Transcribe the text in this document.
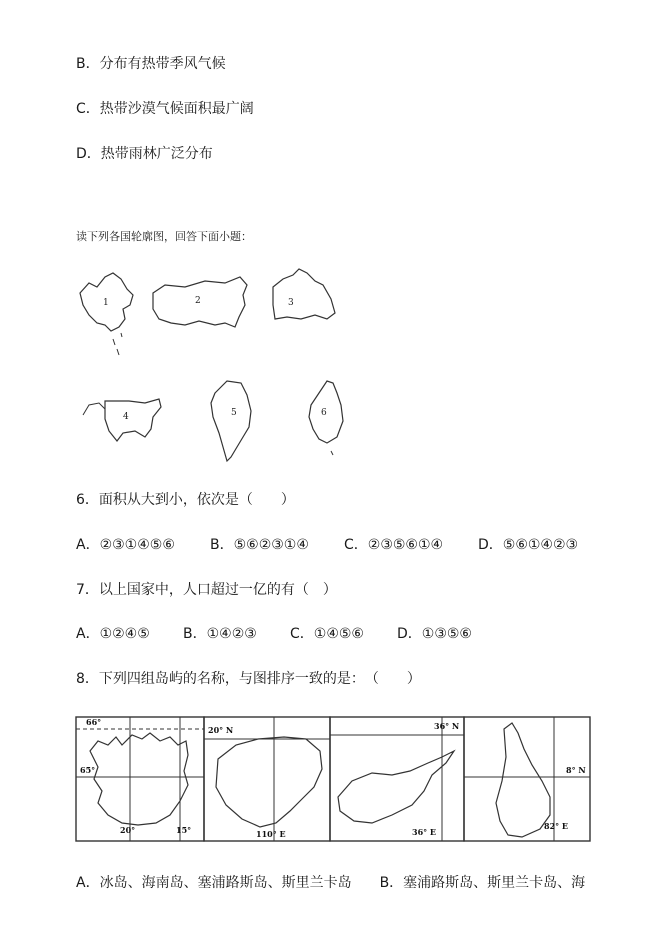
B．分布有热带季风气候
C．热带沙漠气候面积最广阔
D．热带雨林广泛分布
读下列各国轮廓图，回答下面小题：
1	2	3
4	5	6
6．面积从大到小，依次是（　　）
A．②③①④⑤⑥	B．⑤⑥②③①④	C．②③⑤⑥①④ D．⑤⑥①④②③
7．以上国家中，人口超过一亿的有（　）
A．①②④⑤ B．①④②③ C．①④⑤⑥ D．①③⑤⑥
8．下列四组岛屿的名称，与图排序一致的是：　（　　）
66°
65°
20°	15°
20° N
110° E
36° N
36° E
8° N
82° E
A．冰岛、海南岛、塞浦路斯岛、斯里兰卡岛　　B．塞浦路斯岛、斯里兰卡岛、海
